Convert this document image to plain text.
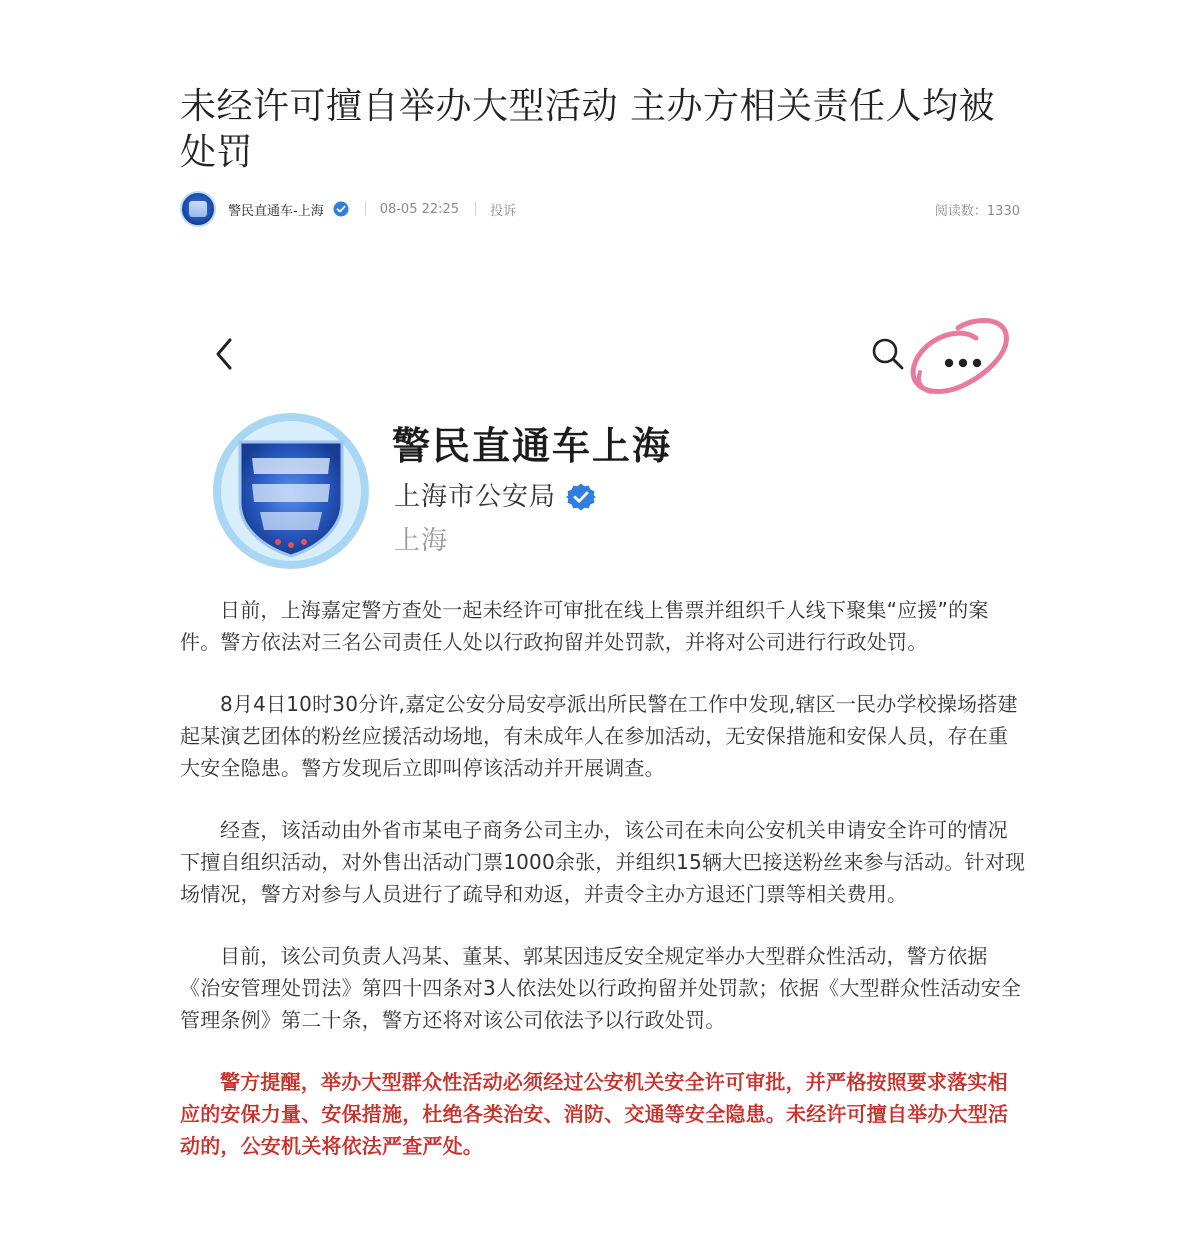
未经许可擅自举办大型活动 主办方相关责任人均被处罚
警民直通车-上海	08-05 22:25 投诉	阅读数：1330
警民直通车上海
上海市公安局
上海

日前，上海嘉定警方查处一起未经许可审批在线上售票并组织千人线下聚集“应援”的案件。警方依法对三名公司责任人处以行政拘留并处罚款，并将对公司进行行政处罚。

8月4日10时30分许,嘉定公安分局安亭派出所民警在工作中发现,辖区一民办学校操场搭建起某演艺团体的粉丝应援活动场地，有未成年人在参加活动，无安保措施和安保人员，存在重大安全隐患。警方发现后立即叫停该活动并开展调查。

经查，该活动由外省市某电子商务公司主办，该公司在未向公安机关申请安全许可的情况下擅自组织活动，对外售出活动门票1000余张，并组织15辆大巴接送粉丝来参与活动。针对现场情况，警方对参与人员进行了疏导和劝返，并责令主办方退还门票等相关费用。

目前，该公司负责人冯某、董某、郭某因违反安全规定举办大型群众性活动，警方依据《治安管理处罚法》第四十四条对3人依法处以行政拘留并处罚款；依据《大型群众性活动安全管理条例》第二十条，警方还将对该公司依法予以行政处罚。

警方提醒，举办大型群众性活动必须经过公安机关安全许可审批，并严格按照要求落实相应的安保力量、安保措施，杜绝各类治安、消防、交通等安全隐患。未经许可擅自举办大型活动的，公安机关将依法严查严处。
